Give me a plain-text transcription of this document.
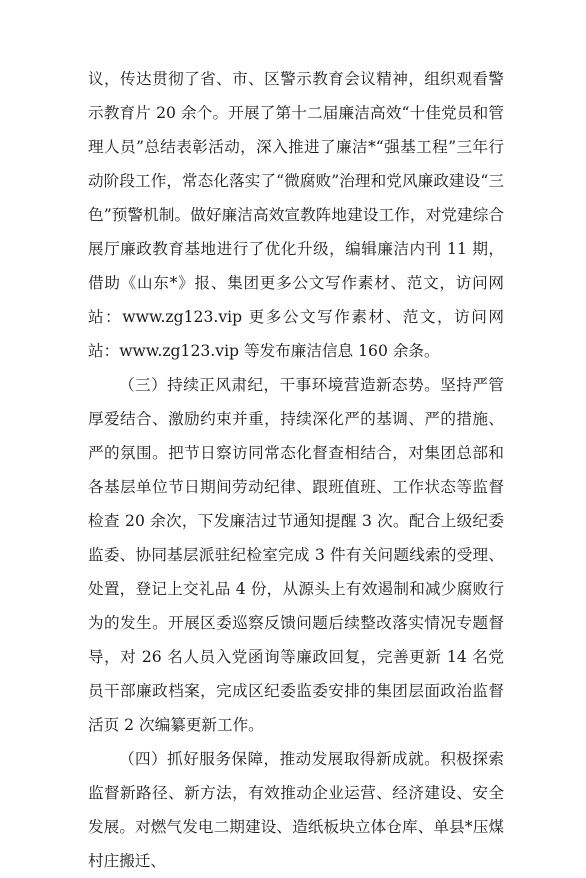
议，传达贯彻了省、市、区警示教育会议精神，组织观看警示教育片 20 余个。开展了第十二届廉洁高效“十佳党员和管理人员”总结表彰活动，深入推进了廉洁*“强基工程”三年行动阶段工作，常态化落实了“微腐败”治理和党风廉政建设“三色”预警机制。做好廉洁高效宣教阵地建设工作，对党建综合展厅廉政教育基地进行了优化升级，编辑廉洁内刊 11 期，借助《山东*》报、集团更多公文写作素材、范文，访问网站：www.zg123.vip 更多公文写作素材、范文，访问网站：www.zg123.vip 等发布廉洁信息 160 余条。

（三）持续正风肃纪，干事环境营造新态势。坚持严管厚爱结合、激励约束并重，持续深化严的基调、严的措施、严的氛围。把节日察访同常态化督查相结合，对集团总部和各基层单位节日期间劳动纪律、跟班值班、工作状态等监督检查 20 余次，下发廉洁过节通知提醒 3 次。配合上级纪委监委、协同基层派驻纪检室完成 3 件有关问题线索的受理、处置，登记上交礼品 4 份，从源头上有效遏制和减少腐败行为的发生。开展区委巡察反馈问题后续整改落实情况专题督导，对 26 名人员入党函询等廉政回复，完善更新 14 名党员干部廉政档案，完成区纪委监委安排的集团层面政治监督活页 2 次编纂更新工作。

（四）抓好服务保障，推动发展取得新成就。积极探索监督新路径、新方法，有效推动企业运营、经济建设、安全发展。对燃气发电二期建设、造纸板块立体仓库、单县*压煤村庄搬迁、
